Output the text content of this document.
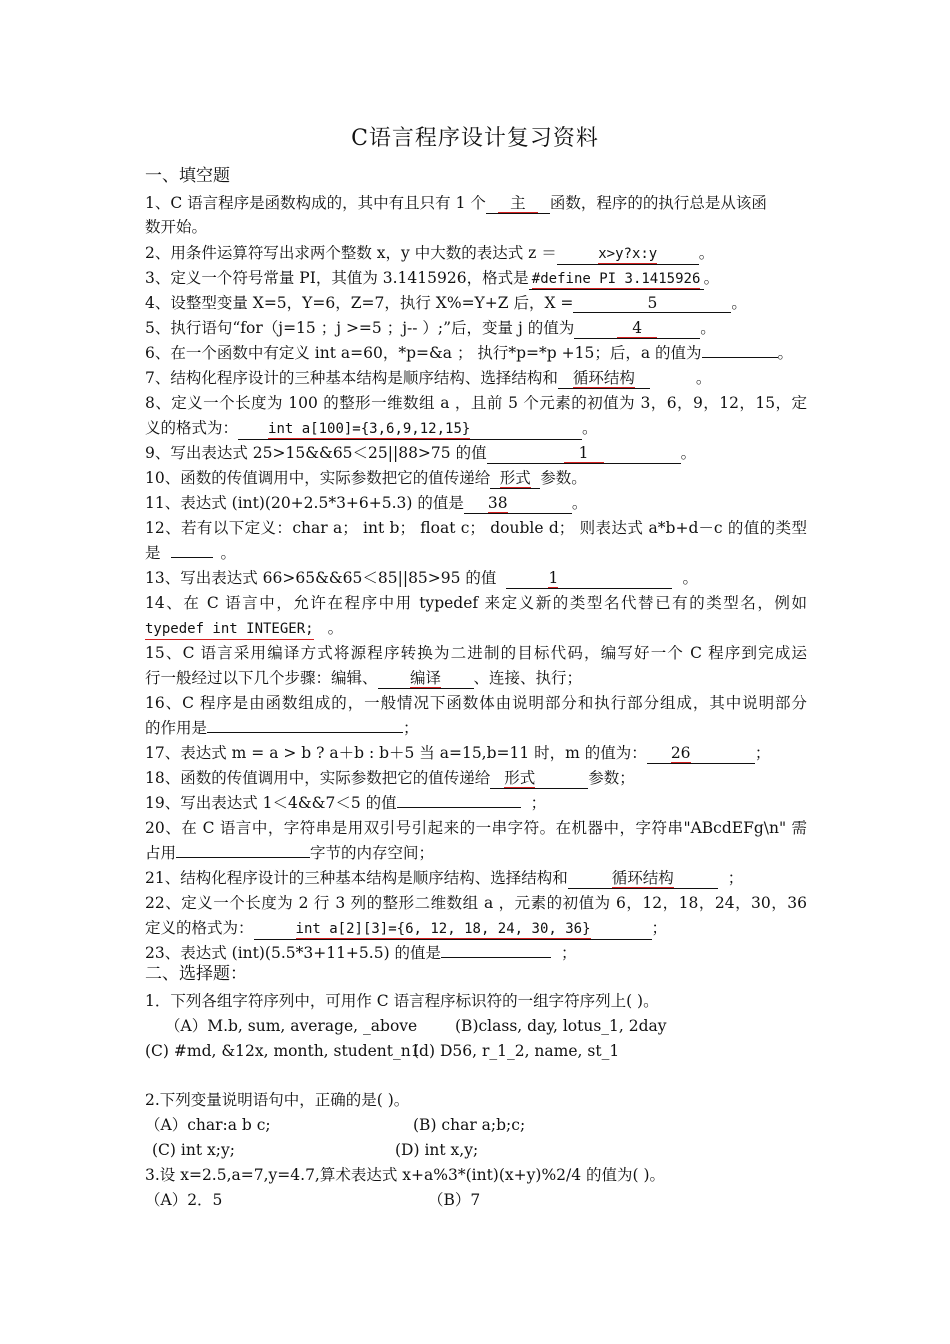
C语言程序设计复习资料
一、填空题
1、C 语言程序是函数构成的，其中有且只有 1 个 主 函数，程序的的执行总是从该函
数开始。
2、用条件运算符写出求两个整数 x，y 中大数的表达式 z ＝	x>y?x:y	。
3、定义一个符号常量 PI，其值为 3.1415926，格式是 #define PI 3.1415926 。
4、设整型变量 X=5，Y=6，Z=7，执行 X%=Y+Z 后，X =	5	。
5、执行语句“for（j=15 ；j >=5 ；j-- ）;”后，变量 j 的值为	4	。
6、在一个函数中有定义 int a=60，*p=&a ； 执行*p=*p +15；后，a 的值为	。
7、结构化程序设计的三种基本结构是顺序结构、选择结构和 循环结构	。
8、定义一个长度为 100 的整形一维数组 a ，且前 5 个元素的初值为 3，6，9，12，15，定
义的格式为： int a[100]={3,6,9,12,15}	。
9、写出表达式 25>15&&65＜25||88>75 的值	1	。
10、函数的传值调用中，实际参数把它的值传递给 形式 参数。
11、表达式 (int)(20+2.5*3+6+5.3) 的值是 38	。
12、若有以下定义：char a； int b； float c； double d； 则表达式 a*b+d－c 的值的类型
是	。
13、写出表达式 66>65&&65＜85||85>95 的值	1	。
14、在 C 语言中，允许在程序中用 typedef 来定义新的类型名代替已有的类型名，例如
typedef int INTEGER; 。
15、C 语言采用编译方式将源程序转换为二进制的目标代码，编写好一个 C 程序到完成运
行一般经过以下几个步骤：编辑、 编译 、连接、执行；
16、C 程序是由函数组成的，一般情况下函数体由说明部分和执行部分组成，其中说明部分
的作用是	；
17、表达式 m = a > b ? a＋b : b＋5 当 a=15,b=11 时，m 的值为： 26	；
18、函数的传值调用中，实际参数把它的值传递给 形式	参数；
19、写出表达式 1＜4&&7＜5 的值	；
20、在 C 语言中，字符串是用双引号引起来的一串字符。在机器中，字符串"ABcdEFg\n" 需
占用	字节的内存空间；
21、结构化程序设计的三种基本结构是顺序结构、选择结构和	循环结构	；
22、定义一个长度为 2 行 3 列的整形二维数组 a ，元素的初值为 6，12，18，24，30，36
定义的格式为：	int a[2][3]={6, 12, 18, 24, 30, 36}	；
23、表达式 (int)(5.5*3+11+5.5) 的值是	；
二、选择题：
1．下列各组字符序列中，可用作 C 语言程序标识符的一组字符序列上( )。
（A）M.b, sum, average, _above (B)class, day, lotus_1, 2day
(C) #md, &12x, month, student_n1
(d) D56, r_1_2, name, st_1
2.下列变量说明语句中，正确的是( )。
（A）char:a b c;	(B) char a;b;c;
(C) int x;y;	(D) int x,y;
3.设 x=2.5,a=7,y=4.7,算术表达式 x+a%3*(int)(x+y)%2/4 的值为( )。
（A）2．5	（B）7
